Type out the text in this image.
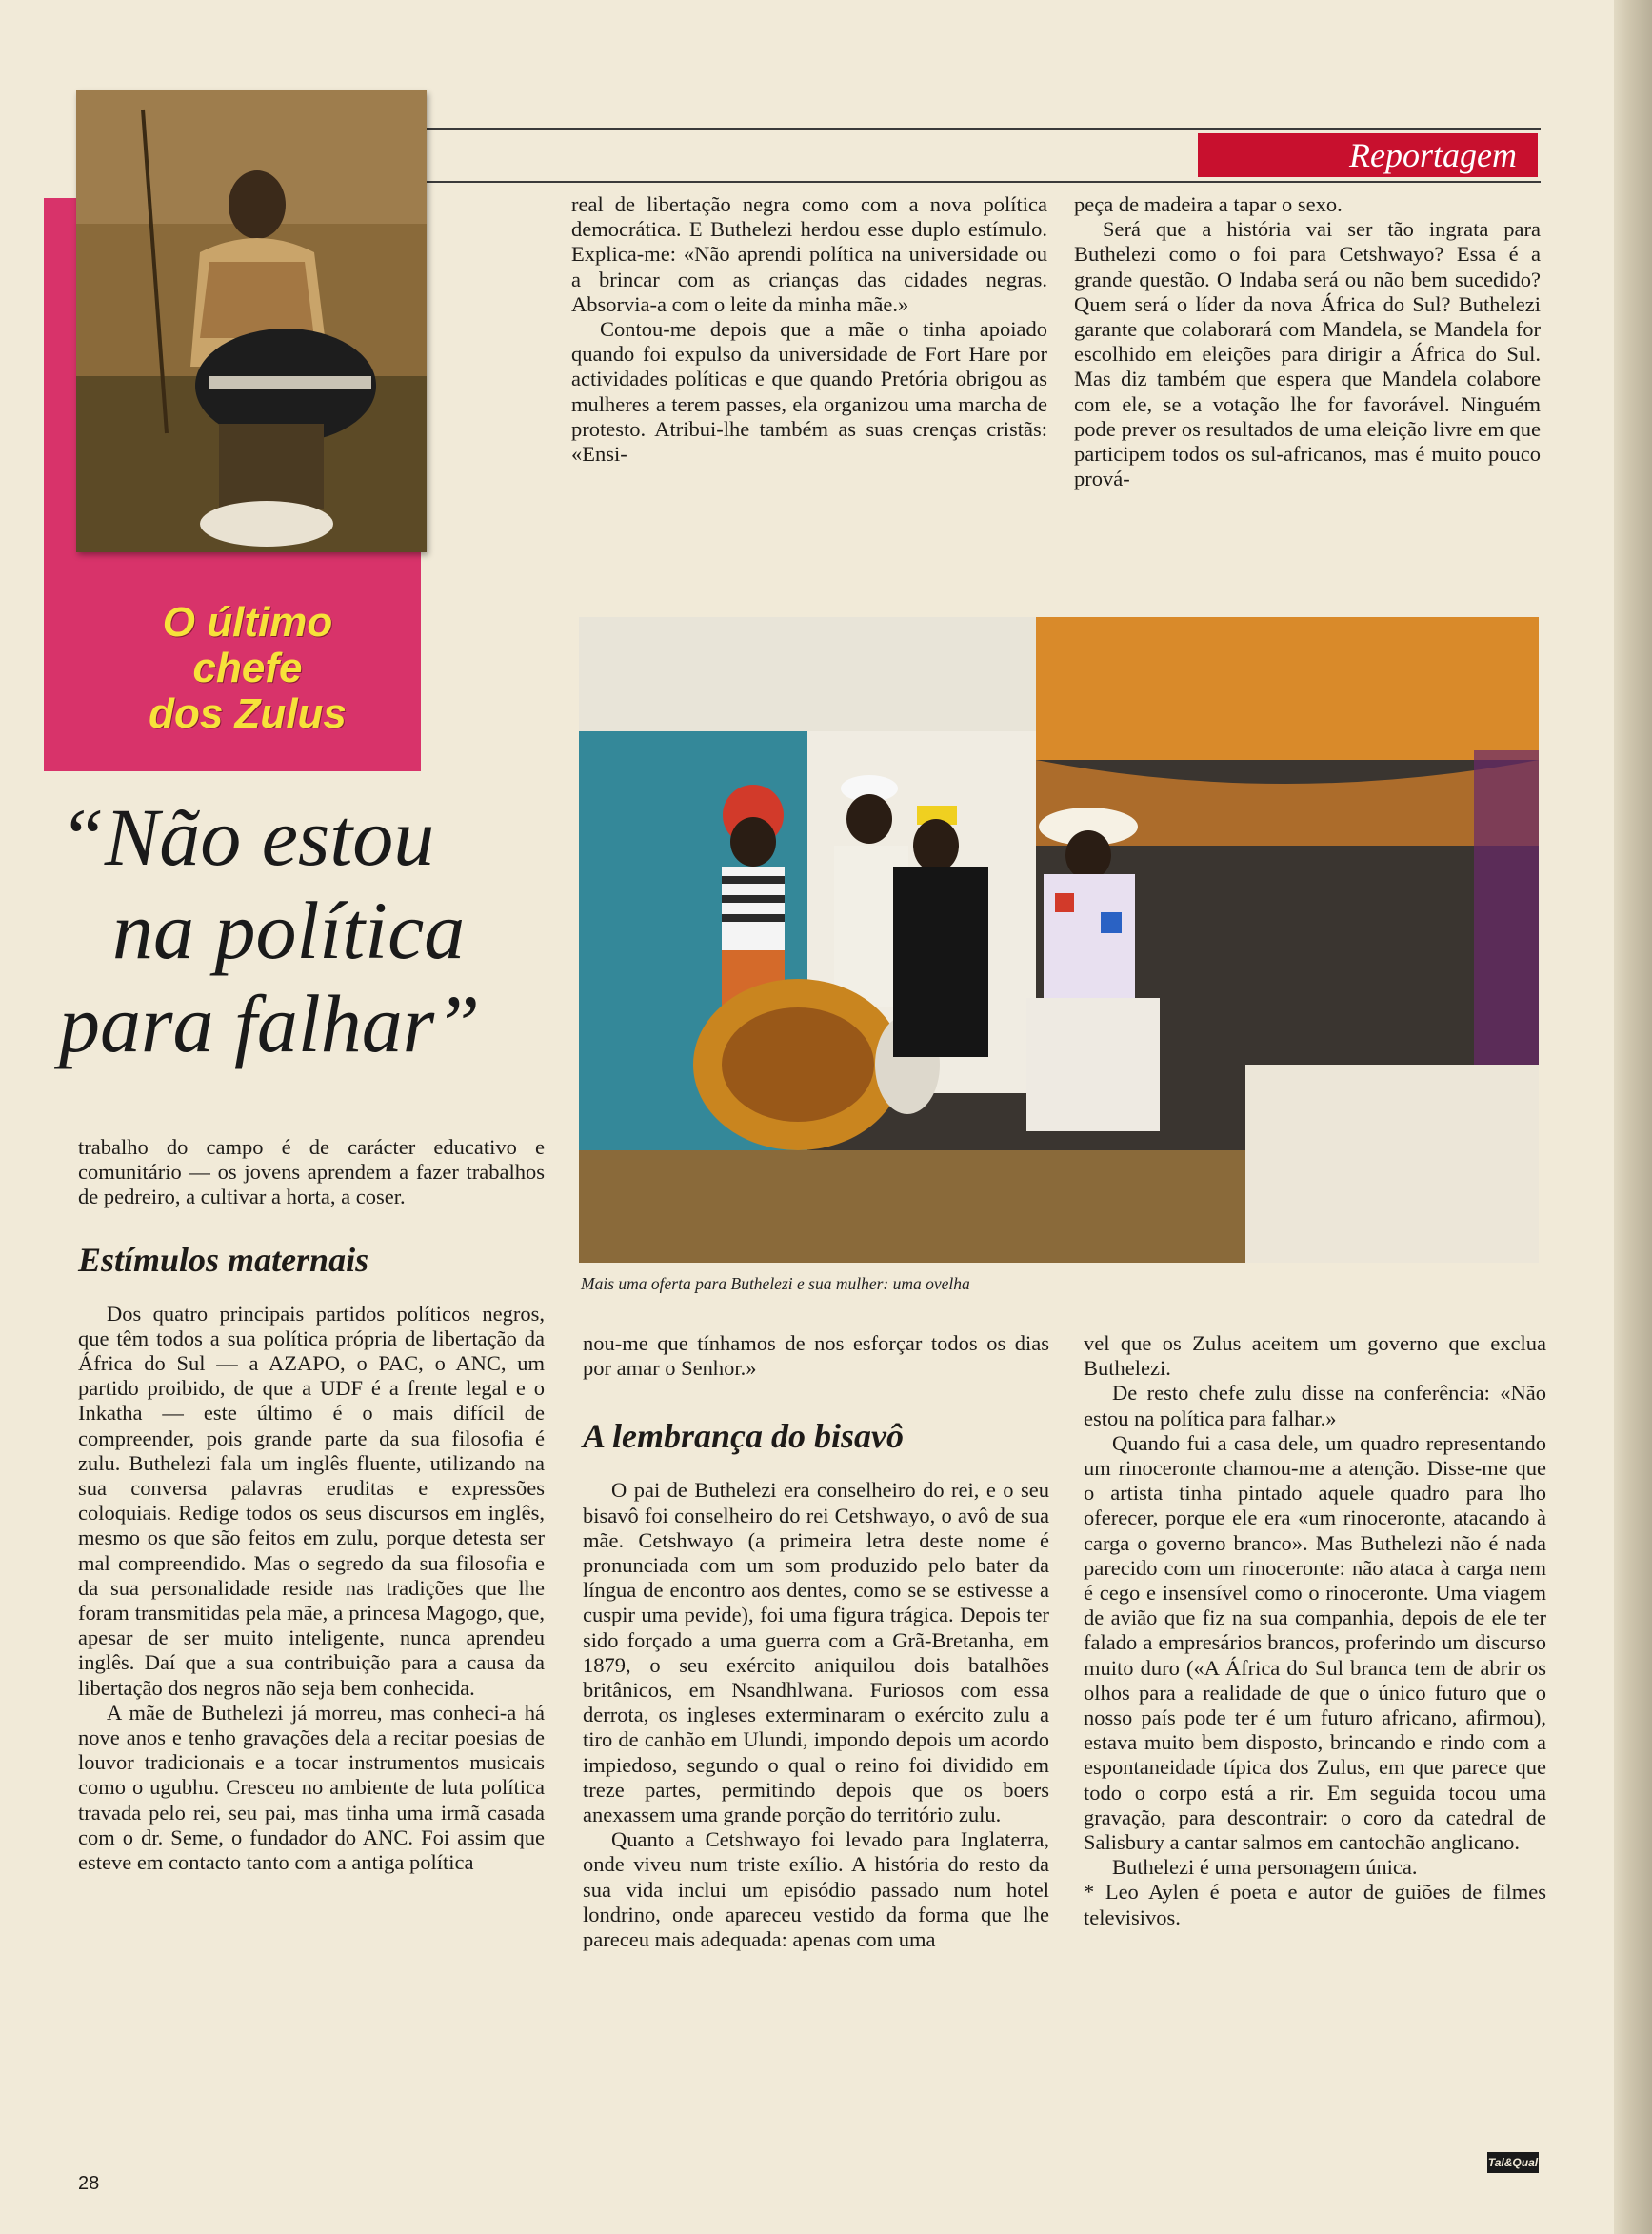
Reportagem
O último
chefe
dos Zulus
“Não estou
na política
para falhar”

trabalho do campo é de carácter educativo e comunitário — os jovens aprendem a fazer trabalhos de pedreiro, a cultivar a horta, a coser.

Estímulos maternais

Dos quatro principais partidos políticos negros, que têm todos a sua política própria de libertação da África do Sul — a AZAPO, o PAC, o ANC, um partido proibido, de que a UDF é a frente legal e o Inkatha — este último é o mais difícil de compreender, pois grande parte da sua filosofia é zulu. Buthelezi fala um inglês fluente, utilizando na sua conversa palavras eruditas e expressões coloquiais. Redige todos os seus discursos em inglês, mesmo os que são feitos em zulu, porque detesta ser mal compreendido. Mas o segredo da sua filosofia e da sua personalidade reside nas tradições que lhe foram transmitidas pela mãe, a princesa Magogo, que, apesar de ser muito inteligente, nunca aprendeu inglês. Daí que a sua contribuição para a causa da libertação dos negros não seja bem conhecida.

A mãe de Buthelezi já morreu, mas conheci-a há nove anos e tenho gravações dela a recitar poesias de louvor tradicionais e a tocar instrumentos musicais como o ugubhu. Cresceu no ambiente de luta política travada pelo rei, seu pai, mas tinha uma irmã casada com o dr. Seme, o fundador do ANC. Foi assim que esteve em contacto tanto com a antiga política

real de libertação negra como com a nova política democrática. E Buthelezi herdou esse duplo estímulo. Explica-me: «Não aprendi política na universidade ou a brincar com as crianças das cidades negras. Absorvia-a com o leite da minha mãe.»

Contou-me depois que a mãe o tinha apoiado quando foi expulso da universidade de Fort Hare por actividades políticas e que quando Pretória obrigou as mulheres a terem passes, ela organizou uma marcha de protesto. Atribui-lhe também as suas crenças cristãs: «Ensi-

peça de madeira a tapar o sexo.

Será que a história vai ser tão ingrata para Buthelezi como o foi para Cetshwayo? Essa é a grande questão. O Indaba será ou não bem sucedido? Quem será o líder da nova África do Sul? Buthelezi garante que colaborará com Mandela, se Mandela for escolhido em eleições para dirigir a África do Sul. Mas diz também que espera que Mandela colabore com ele, se a votação lhe for favorável. Ninguém pode prever os resultados de uma eleição livre em que participem todos os sul-africanos, mas é muito pouco prová-

Mais uma oferta para Buthelezi e sua mulher: uma ovelha

nou-me que tínhamos de nos esforçar todos os dias por amar o Senhor.»

A lembrança do bisavô

O pai de Buthelezi era conselheiro do rei, e o seu bisavô foi conselheiro do rei Cetshwayo, o avô de sua mãe. Cetshwayo (a primeira letra deste nome é pronunciada com um som produzido pelo bater da língua de encontro aos dentes, como se se estivesse a cuspir uma pevide), foi uma figura trágica. Depois ter sido forçado a uma guerra com a Grã-Bretanha, em 1879, o seu exército aniquilou dois batalhões britânicos, em Nsandhlwana. Furiosos com essa derrota, os ingleses exterminaram o exército zulu a tiro de canhão em Ulundi, impondo depois um acordo impiedoso, segundo o qual o reino foi dividido em treze partes, permitindo depois que os boers anexassem uma grande porção do território zulu.

Quanto a Cetshwayo foi levado para Inglaterra, onde viveu num triste exílio. A história do resto da sua vida inclui um episódio passado num hotel londrino, onde apareceu vestido da forma que lhe pareceu mais adequada: apenas com uma

vel que os Zulus aceitem um governo que exclua Buthelezi.

De resto chefe zulu disse na conferência: «Não estou na política para falhar.»

Quando fui a casa dele, um quadro representando um rinoceronte chamou-me a atenção. Disse-me que o artista tinha pintado aquele quadro para lho oferecer, porque ele era «um rinoceronte, atacando à carga o governo branco». Mas Buthelezi não é nada parecido com um rinoceronte: não ataca à carga nem é cego e insensível como o rinoceronte. Uma viagem de avião que fiz na sua companhia, depois de ele ter falado a empresários brancos, proferindo um discurso muito duro («A África do Sul branca tem de abrir os olhos para a realidade de que o único futuro que o nosso país pode ter é um futuro africano, afirmou), estava muito bem disposto, brincando e rindo com a espontaneidade típica dos Zulus, em que parece que todo o corpo está a rir. Em seguida tocou uma gravação, para descontrair: o coro da catedral de Salisbury a cantar salmos em cantochão anglicano.

Buthelezi é uma personagem única.

* Leo Aylen é poeta e autor de guiões de filmes televisivos.

Tal&Qual
28
